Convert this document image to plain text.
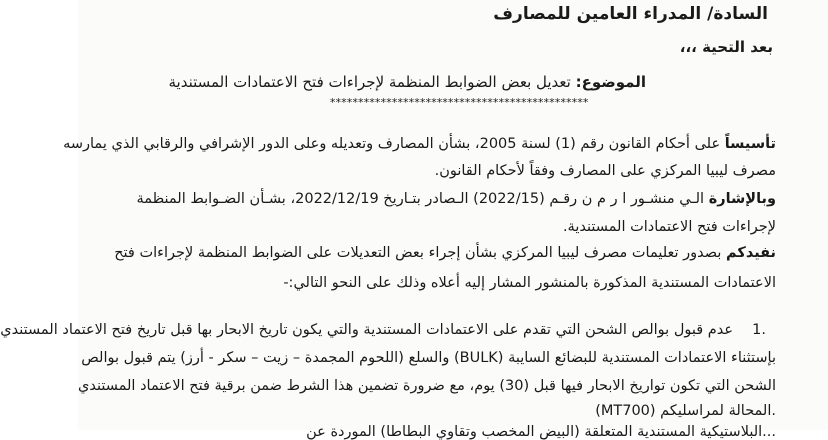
السادة/ المدراء العامين للمصارف
بعد التحية ،،،
الموضوع: تعديل بعض الضوابط المنظمة لإجراءات فتح الاعتمادات المستندية
**********************************************
تأسيساً على أحكام القانون رقم (1) لسنة 2005، بشأن المصارف وتعديله وعلى الدور الإشرافي والرقابي الذي يمارسه
مصرف ليبيا المركزي على المصارف وفقاً لأحكام القانون.
وبالإشارة الـي منشـور ا ر م ن رقـم (2022/15) الـصادر بتـاريخ 2022/12/19، بشـأن الضـوابط المنظمة
لإجراءات فتح الاعتمادات المستندية.
نفيدكم بصدور تعليمات مصرف ليبيا المركزي بشأن إجراء بعض التعديلات على الضوابط المنظمة لإجراءات فتح
الاعتمادات المستندية المذكورة بالمنشور المشار إليه أعلاه وذلك على النحو التالي:-
1.
عدم قبول بوالص الشحن التي تقدم على الاعتمادات المستندية والتي يكون تاريخ الابحار بها قبل تاريخ فتح الاعتماد المستندي
بإستثناء الاعتمادات المستندية للبضائع السايبة (BULK) والسلع (اللحوم المجمدة – زيت – سكر - أرز) يتم قبول بوالص
الشحن التي تكون تواريخ الابحار فيها قبل (30) يوم، مع ضرورة تضمين هذا الشرط ضمن برقية فتح الاعتماد المستندي
(MT700) المحالة لمراسليكم.
...البلاستيكية المستندية المتعلقة (البيض المخصب وتقاوي البطاطا) الموردة عن
